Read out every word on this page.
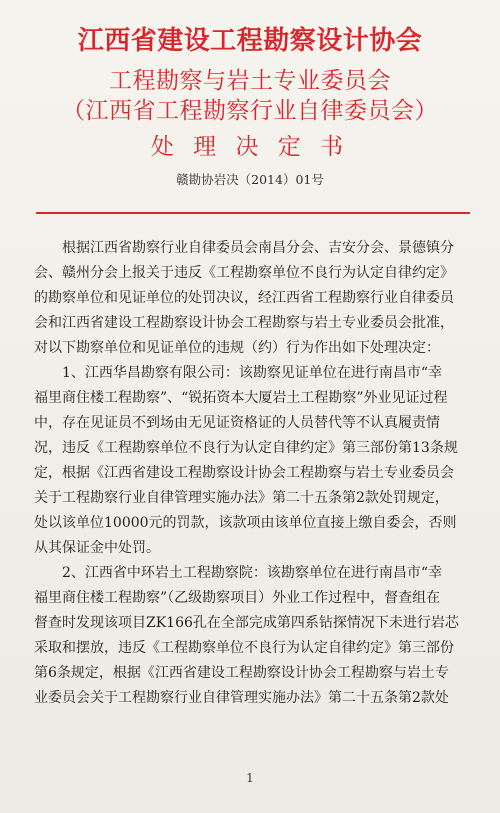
江西省建设工程勘察设计协会
工程勘察与岩土专业委员会
（江西省工程勘察行业自律委员会）
处 理 决 定 书
赣勘协岩决（2014）01号
根据江西省勘察行业自律委员会南昌分会、吉安分会、景德镇分
会、赣州分会上报关于违反《工程勘察单位不良行为认定自律约定》
的勘察单位和见证单位的处罚决议，经江西省工程勘察行业自律委员
会和江西省建设工程勘察设计协会工程勘察与岩土专业委员会批准，
对以下勘察单位和见证单位的违规（约）行为作出如下处理决定：
1、江西华昌勘察有限公司：该勘察见证单位在进行南昌市“幸
福里商住楼工程勘察”、“锐拓资本大厦岩土工程勘察”外业见证过程
中，存在见证员不到场由无见证资格证的人员替代等不认真履责情
况，违反《工程勘察单位不良行为认定自律约定》第三部份第13条规
定，根据《江西省建设工程勘察设计协会工程勘察与岩土专业委员会
关于工程勘察行业自律管理实施办法》第二十五条第2款处罚规定，
处以该单位10000元的罚款，该款项由该单位直接上缴自委会，否则
从其保证金中处罚。
2、江西省中环岩土工程勘察院：该勘察单位在进行南昌市“幸
福里商住楼工程勘察”（乙级勘察项目）外业工作过程中，督查组在
督查时发现该项目ZK166孔在全部完成第四系钻探情况下未进行岩芯
采取和摆放，违反《工程勘察单位不良行为认定自律约定》第三部份
第6条规定，根据《江西省建设工程勘察设计协会工程勘察与岩土专
业委员会关于工程勘察行业自律管理实施办法》第二十五条第2款处
1
